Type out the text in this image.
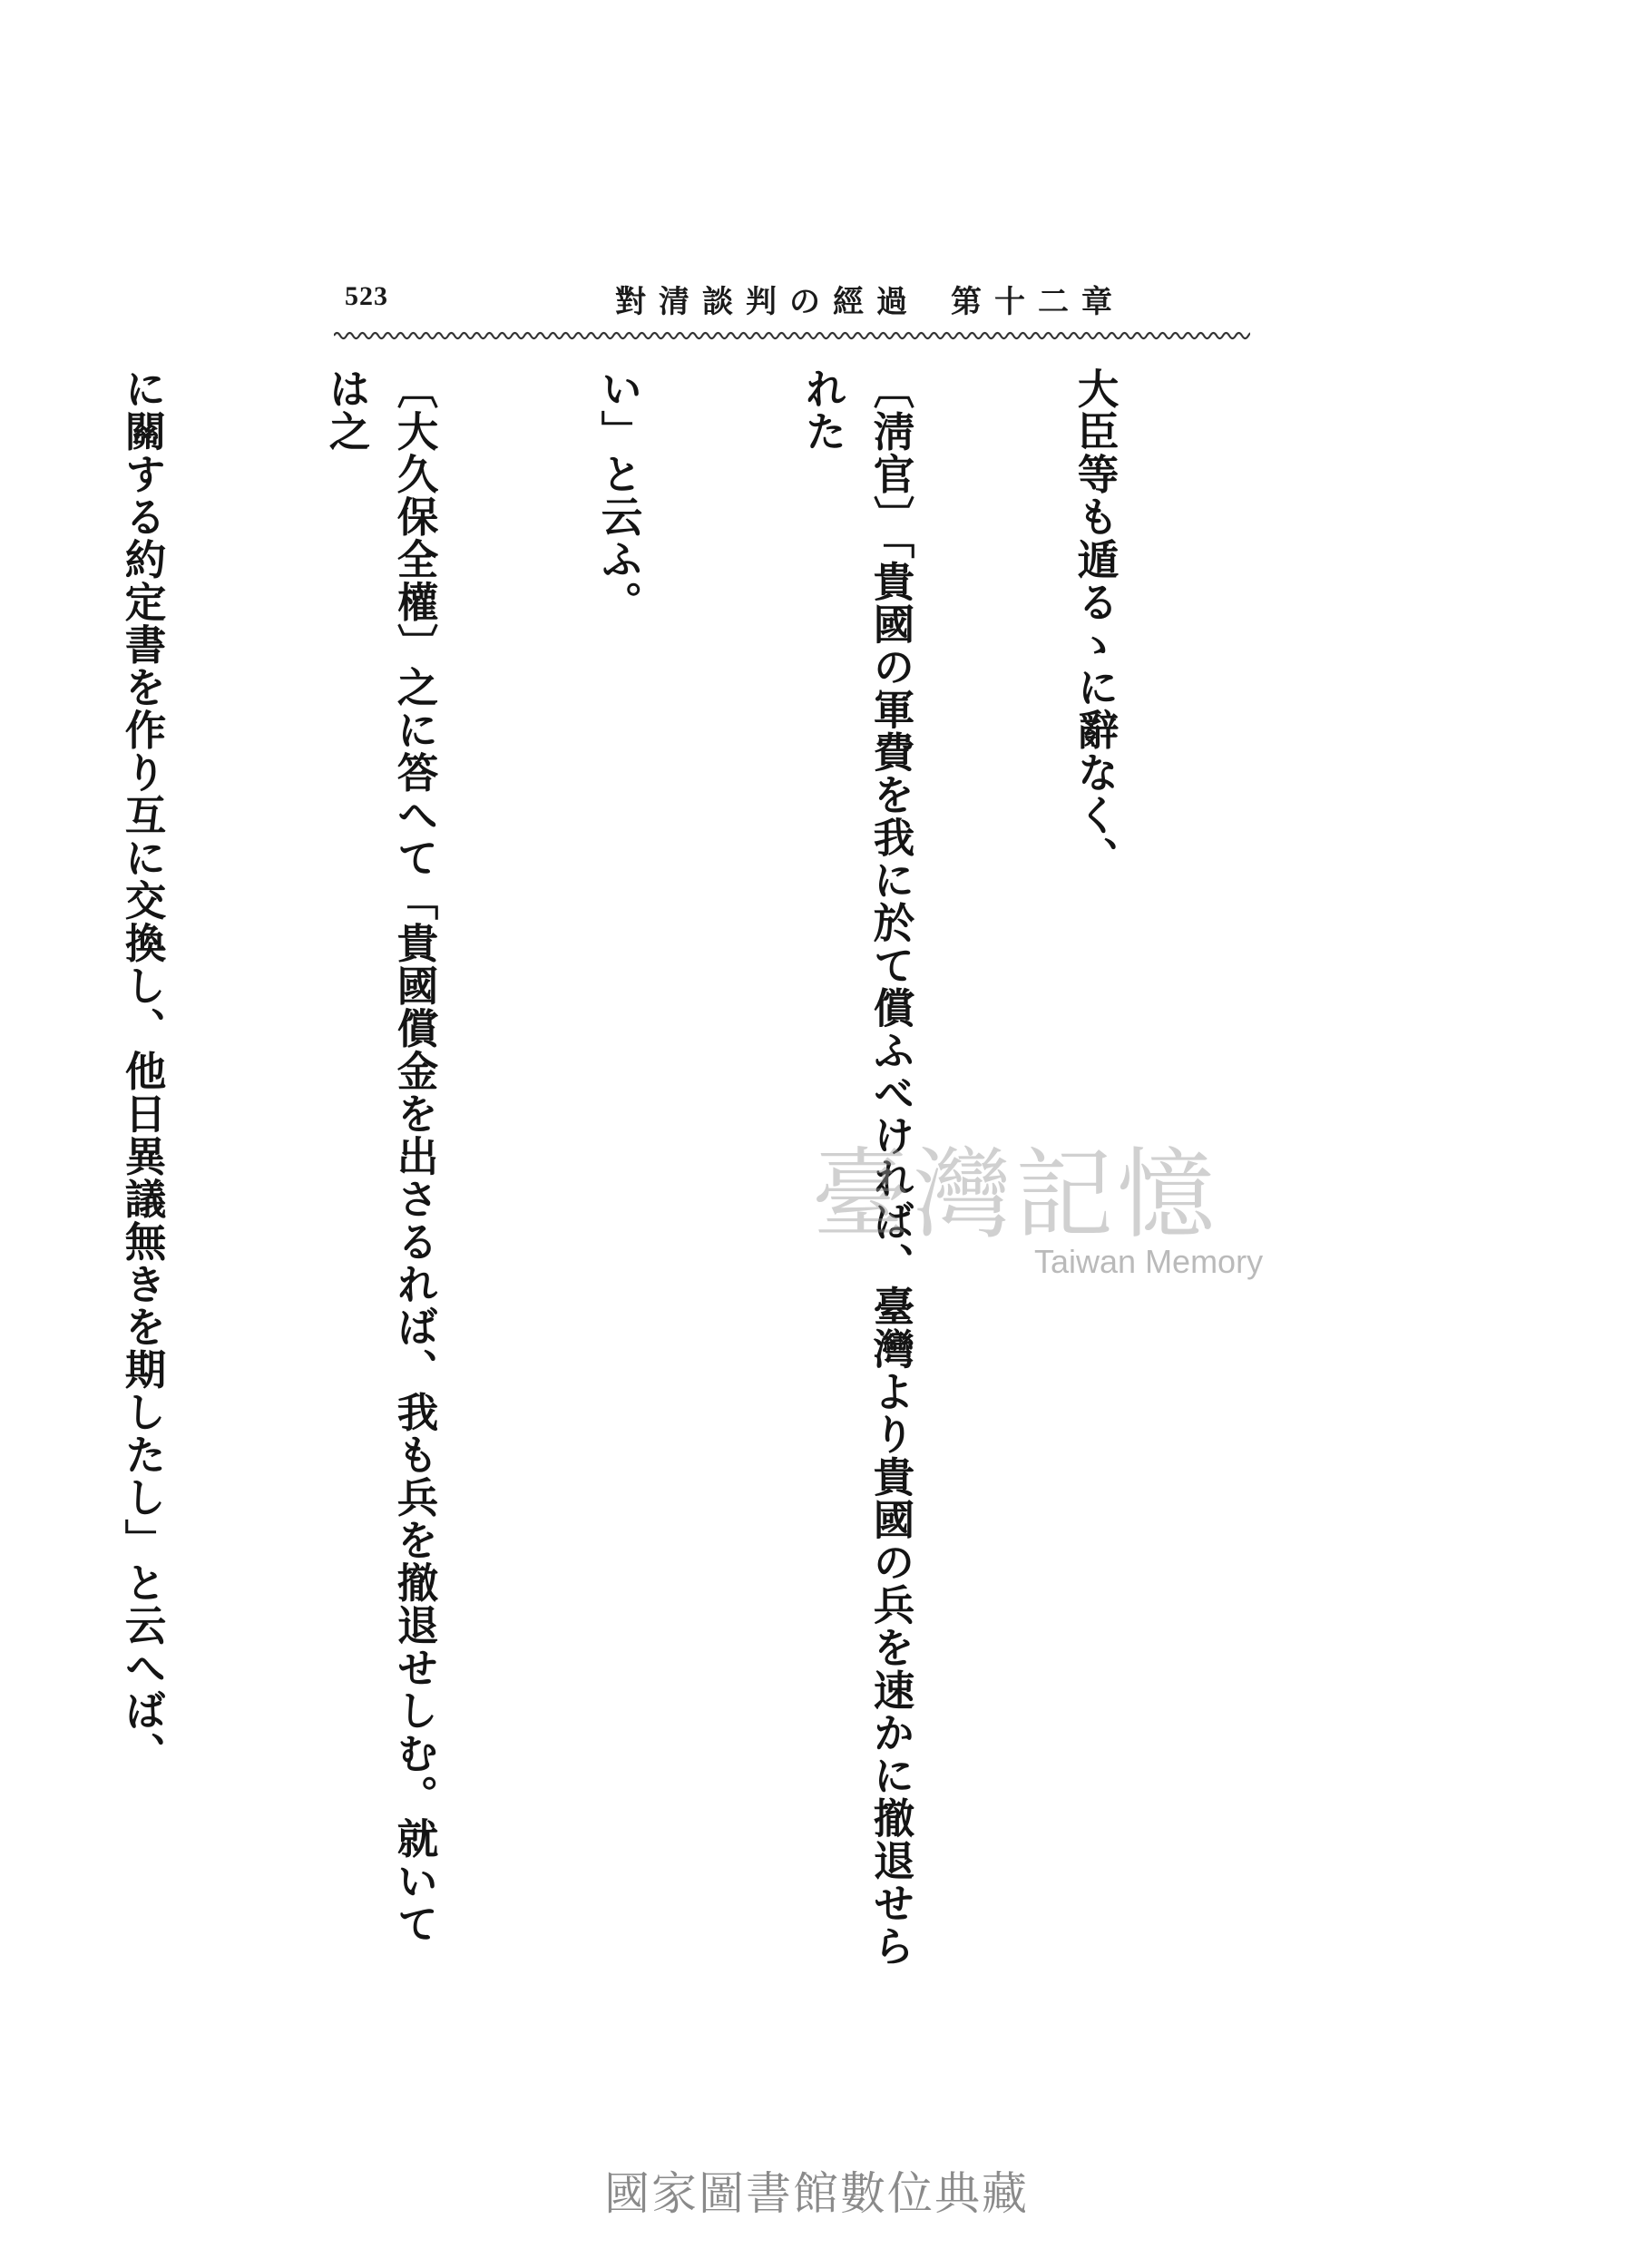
523	第十二章
對清談判の經過

大臣等も遁るゝに辭なく、

〔淸官〕「貴國の軍費を我に於て償ふべければ、臺灣より貴國の兵を速かに撤退せられた

い」と云ふ。

〔大久保全權〕之に答へて「貴國償金を出さるれば、我も兵を撤退せしむ。就いては之

に關する約定書を作り互に交換し、他日異議無きを期したし」と云へば、

	臺灣記憶
Taiwan Memory
國家圖書館數位典藏
